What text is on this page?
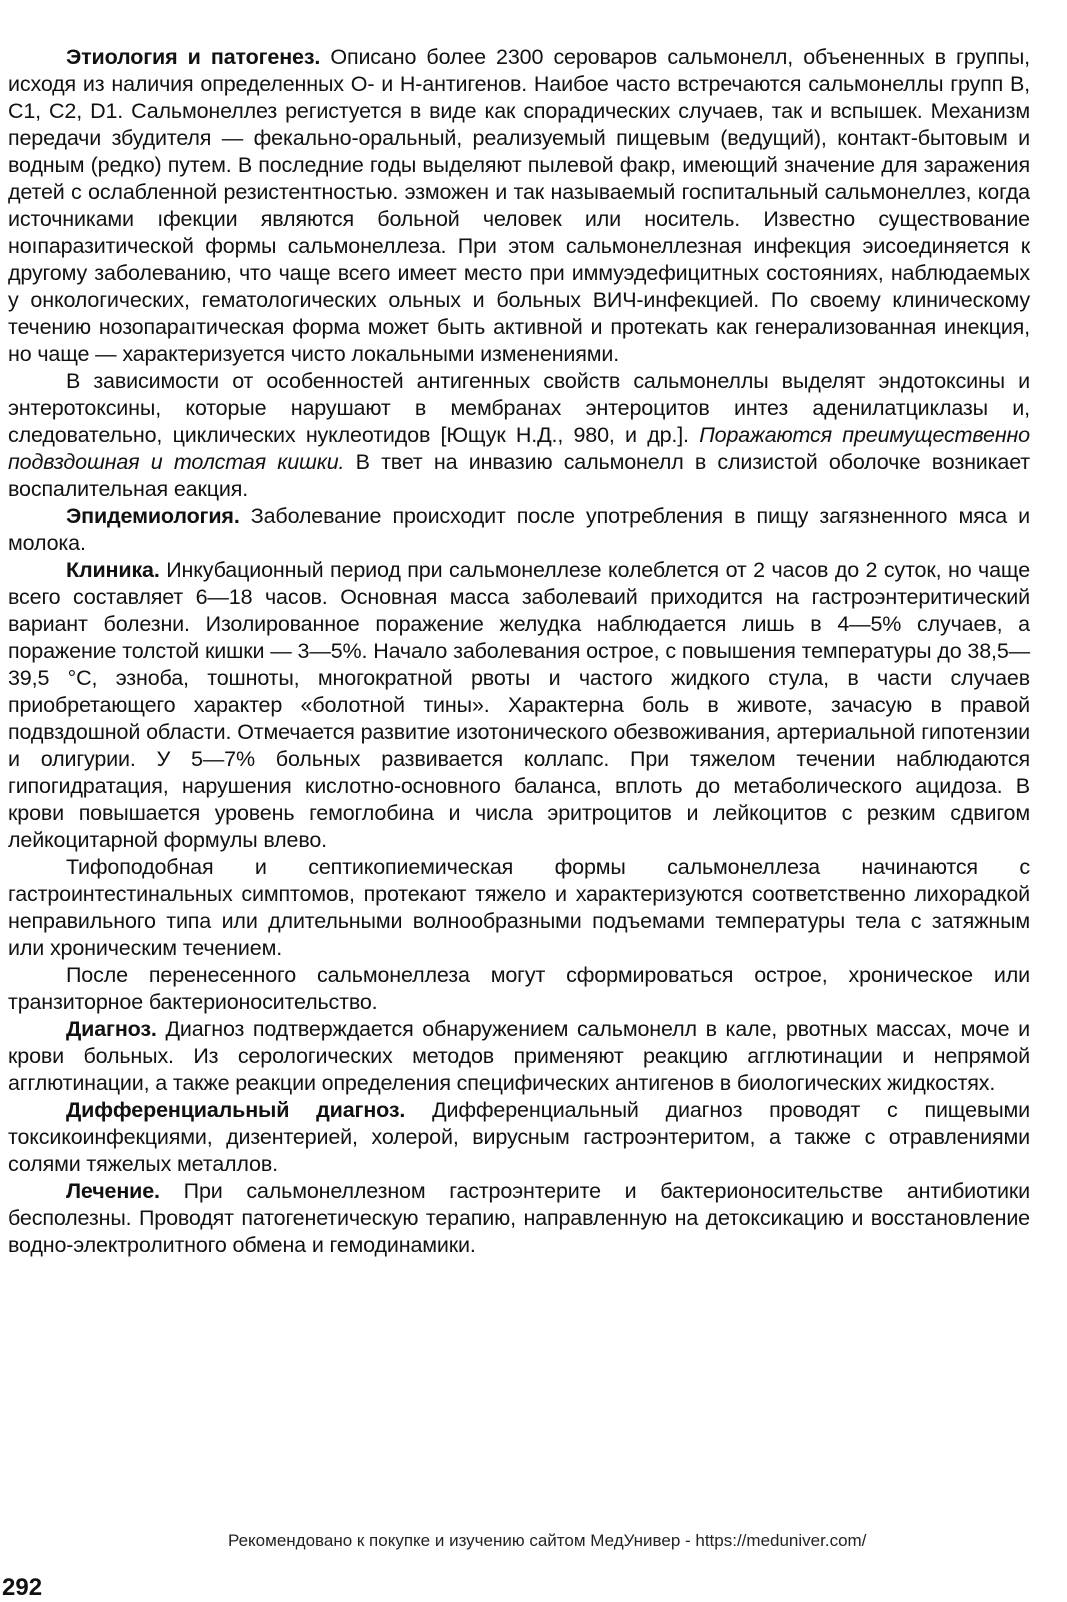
Этиология и патогенез. Описано более 2300 сероваров сальмонелл, объененных в группы, исходя из наличия определенных О- и Н-антигенов. Наибое часто встречаются сальмонеллы групп В, С1, С2, D1. Сальмонеллез регистуется в виде как спорадических случаев, так и вспышек. Механизм передачи збудителя — фекально-оральный, реализуемый пищевым (ведущий), контакт-бытовым и водным (редко) путем. В последние годы выделяют пылевой факр, имеющий значение для заражения детей с ослабленной резистентностью. эзможен и так называемый госпитальный сальмонеллез, когда источниками ıфекции являются больной человек или носитель. Известно существование ноıпаразитической формы сальмонеллеза. При этом сальмонеллезная инфекция эисоединяется к другому заболеванию, что чаще всего имеет место при иммуэдефицитных состояниях, наблюдаемых у онкологических, гематологических ольных и больных ВИЧ-инфекцией. По своему клиническому течению нозопараıтическая форма может быть активной и протекать как генерализованная инекция, но чаще — характеризуется чисто локальными изменениями.

В зависимости от особенностей антигенных свойств сальмонеллы выделят эндотоксины и энтеротоксины, которые нарушают в мембранах энтероцитов интез аденилатциклазы и, следовательно, циклических нуклеотидов [Ющук Н.Д., 980, и др.]. Поражаются преимущественно подвздошная и толстая кишки. В твет на инвазию сальмонелл в слизистой оболочке возникает воспалительная еакция.

Эпидемиология. Заболевание происходит после употребления в пищу загязненного мяса и молока.

Клиника. Инкубационный период при сальмонеллезе колеблется от 2 часов до 2 суток, но чаще всего составляет 6—18 часов. Основная масса заболеваий приходится на гастроэнтеритический вариант болезни. Изолированное поражение желудка наблюдается лишь в 4—5% случаев, а поражение толстой кишки — 3—5%. Начало заболевания острое, с повышения температуры до 38,5—39,5 °С, эзноба, тошноты, многократной рвоты и частого жидкого стула, в части случаев приобретающего характер «болотной тины». Характерна боль в животе, зачасую в правой подвздошной области. Отмечается развитие изотонического обезвоживания, артериальной гипотензии и олигурии. У 5—7% больных развивается коллапс. При тяжелом течении наблюдаются гипогидратация, нарушения кислотно-основного баланса, вплоть до метаболического ацидоза. В крови повышается уровень гемоглобина и числа эритроцитов и лейкоцитов с резким сдвигом лейкоцитарной формулы влево.

Тифоподобная и септикопиемическая формы сальмонеллеза начинаются с гастроинтестинальных симптомов, протекают тяжело и характеризуются соответственно лихорадкой неправильного типа или длительными волнообразными подъемами температуры тела с затяжным или хроническим течением.

После перенесенного сальмонеллеза могут сформироваться острое, хроническое или транзиторное бактерионосительство.

Диагноз. Диагноз подтверждается обнаружением сальмонелл в кале, рвотных массах, моче и крови больных. Из серологических методов применяют реакцию агглютинации и непрямой агглютинации, а также реакции определения специфических антигенов в биологических жидкостях.

Дифференциальный диагноз. Дифференциальный диагноз проводят с пищевыми токсикоинфекциями, дизентерией, холерой, вирусным гастроэнтеритом, а также с отравлениями солями тяжелых металлов.

Лечение. При сальмонеллезном гастроэнтерите и бактерионосительстве антибиотики бесполезны. Проводят патогенетическую терапию, направленную на детоксикацию и восстановление водно-электролитного обмена и гемодинамики.

Рекомендовано к покупке и изучению сайтом МедУнивер - https://meduniver.com/
292
